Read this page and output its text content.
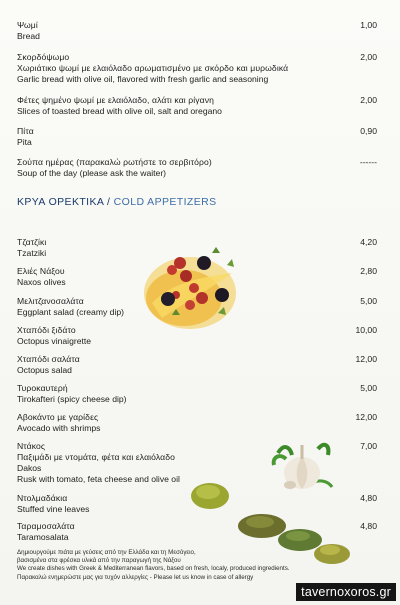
Ψωμί
Bread
1,00
Σκορδόψωμο
Χωριάτικο ψωμί με ελαιόλαδο αρωματισμένο με σκόρδο και μυρωδικά
Garlic bread with olive oil, flavored with fresh garlic and seasoning
2,00
Φέτες ψημένο ψωμί με ελαιόλαδο, αλάτι και ρίγανη
Slices of toasted bread with olive oil, salt and oregano
2,00
Πίτα
Pita
0,90
Σούπα ημέρας (παρακαλώ ρωτήστε το σερβιτόρο)
Soup of the day (please ask the waiter)
------
ΚΡΥΑ ΟΡΕΚΤΙΚΑ / COLD APPETIZERS
Τζατζίκι
Tzatziki
4,20
Ελιές Νάξου
Naxos olives
2,80
Μελιτζανοσαλάτα
Eggplant salad (creamy dip)
5,00
Χταπόδι ξιδάτο
Octopus vinaigrette
10,00
Χταπόδι σαλάτα
Octopus salad
12,00
Τυροκαυτερή
Tirokafteri (spicy cheese dip)
5,00
Αβοκάντο με γαρίδες
Avocado with shrimps
12,00
Ντάκος
Παξιμάδι με ντομάτα, φέτα και ελαιόλαδο
Dakos
Rusk with tomato, feta cheese and olive oil
7,00
Ντολμαδάκια
Stuffed vine leaves
4,80
Ταραμοσαλάτα
Taramosalata
4,80
Δημιουργούμε πιάτα με γεύσεις από την Ελλάδα και τη Μεσόγειο,
βασισμένα στα φρέσκα υλικά από την παραγωγή της Νάξου
We create dishes with Greek & Mediterranean flavors, based on fresh, localy, produced ingredients.
Παρακαλώ ενημερώστε μας για τυχόν αλλεργίες - Please let us know in case of allergy
tavernoxoros.gr
